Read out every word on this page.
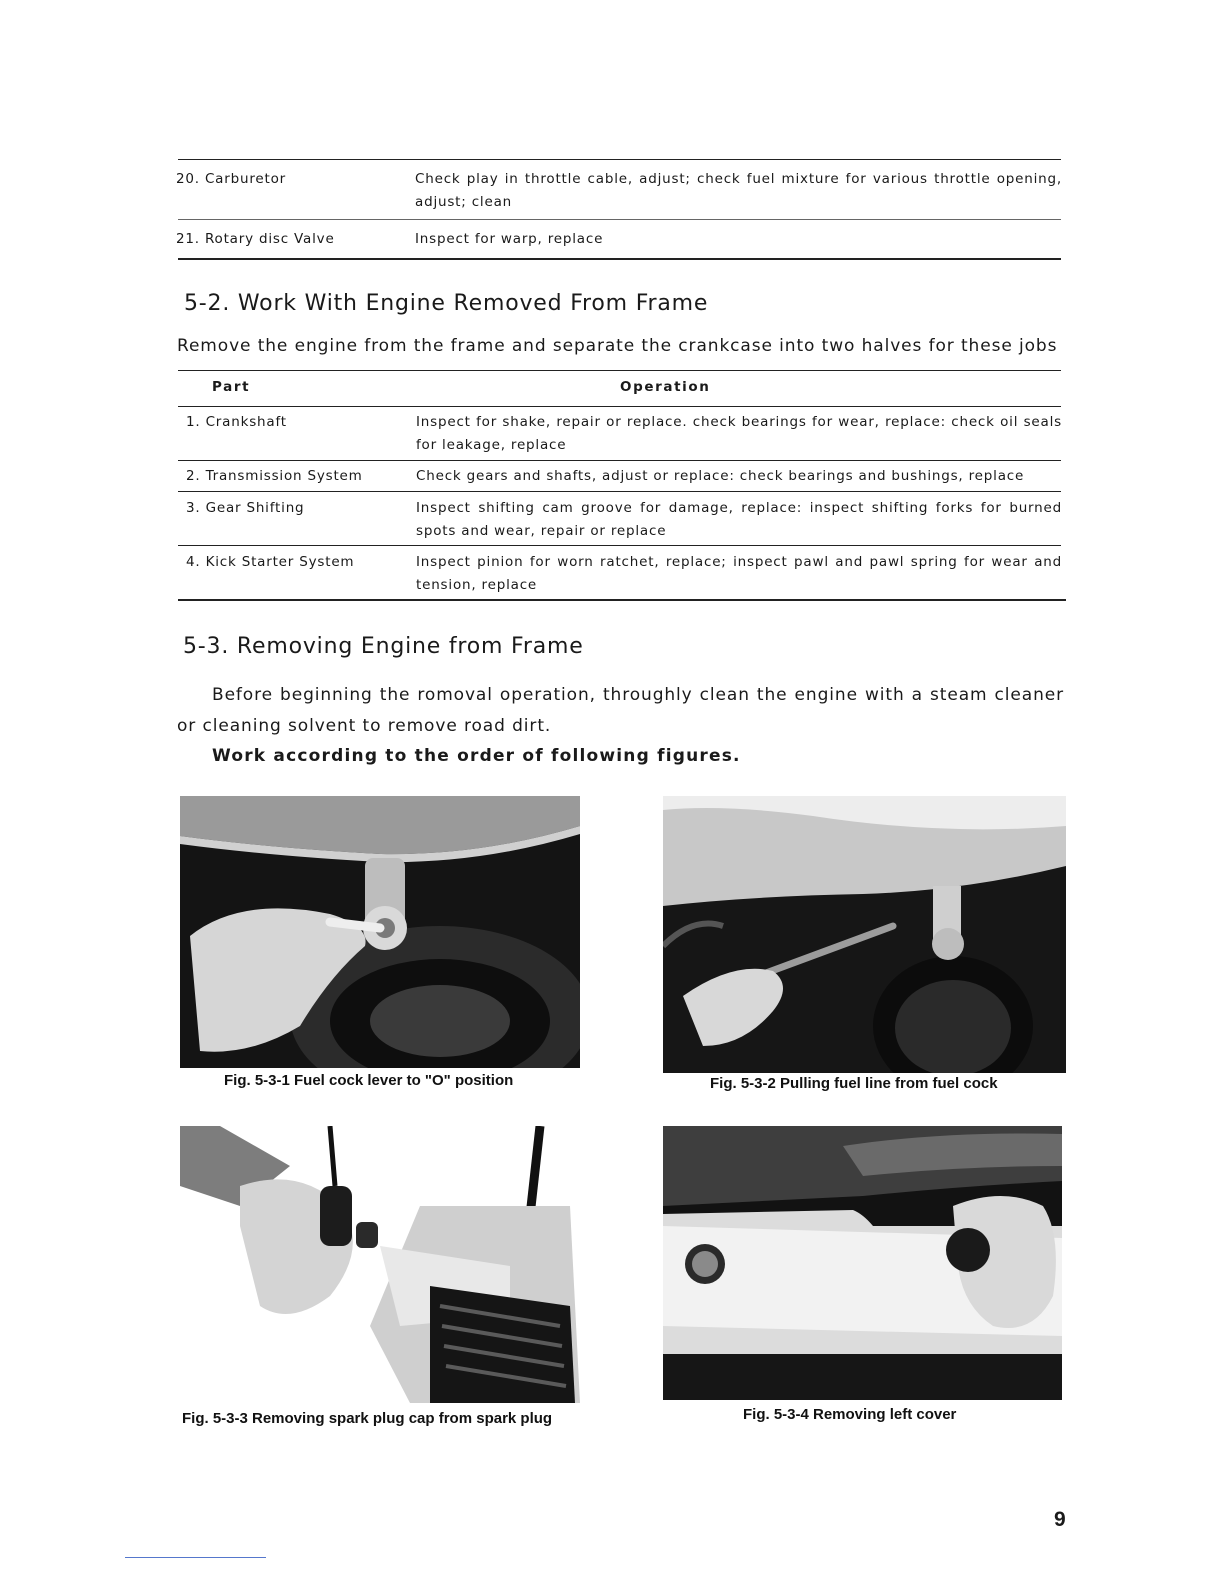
20. Carburetor	Check play in throttle cable, adjust; check fuel mixture for various throttle opening, adjust; clean
21. Rotary disc Valve	Inspect for warp, replace
5-2. Work With Engine Removed From Frame
Remove the engine from the frame and separate the crankcase into two halves for these jobs
Part	Operation
1. Crankshaft	Inspect for shake, repair or replace. check bearings for wear, replace: check oil seals for leakage, replace
2. Transmission System	Check gears and shafts, adjust or replace: check bearings and bushings, replace
3. Gear Shifting	Inspect shifting cam groove for damage, replace: inspect shifting forks for burned spots and wear, repair or replace
4. Kick Starter System	Inspect pinion for worn ratchet, replace; inspect pawl and pawl spring for wear and tension, replace
5-3. Removing Engine from Frame
Before beginning the romoval operation, throughly clean the engine with a steam cleaner or cleaning solvent to remove road dirt.
Work according to the order of following figures.
Fig. 5-3-1 Fuel cock lever to "O" position	Fig. 5-3-2 Pulling fuel line from fuel cock
Fig. 5-3-3 Removing spark plug cap from spark plug	Fig. 5-3-4 Removing left cover
9
